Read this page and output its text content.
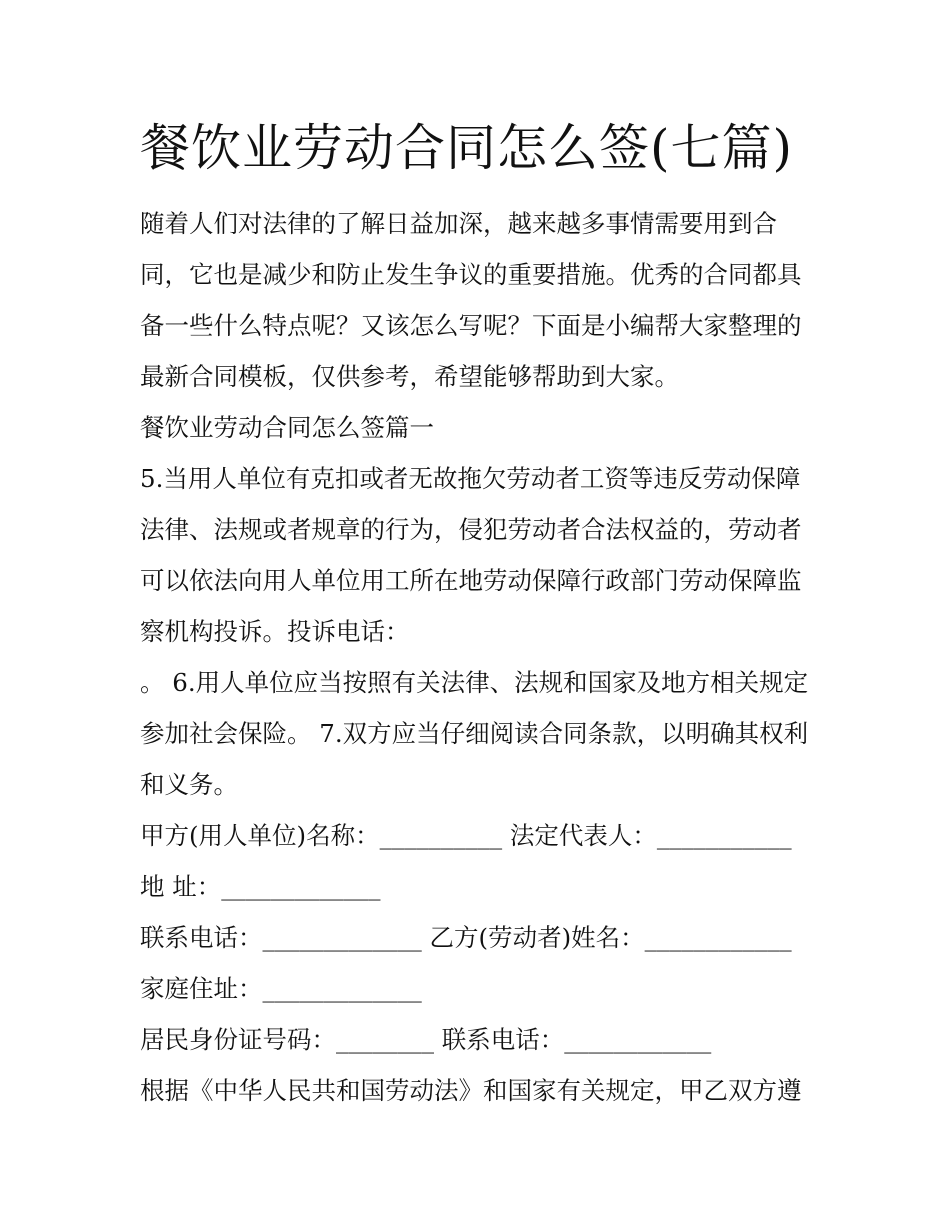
餐饮业劳动合同怎么签(七篇)

随着人们对法律的了解日益加深，越来越多事情需要用到合同，它也是减少和防止发生争议的重要措施。优秀的合同都具备一些什么特点呢？又该怎么写呢？下面是小编帮大家整理的最新合同模板，仅供参考，希望能够帮助到大家。

餐饮业劳动合同怎么签篇一

5.当用人单位有克扣或者无故拖欠劳动者工资等违反劳动保障法律、法规或者规章的行为，侵犯劳动者合法权益的，劳动者可以依法向用人单位用工所在地劳动保障行政部门劳动保障监察机构投诉。投诉电话：

。 6.用人单位应当按照有关法律、法规和国家及地方相关规定参加社会保险。 7.双方应当仔细阅读合同条款，以明确其权利和义务。

甲方(用人单位)名称：__________ 法定代表人：___________

地 址：_____________

联系电话：_____________ 乙方(劳动者)姓名：____________

家庭住址：_____________

居民身份证号码：________ 联系电话：____________

根据《中华人民共和国劳动法》和国家有关规定，甲乙双方遵
